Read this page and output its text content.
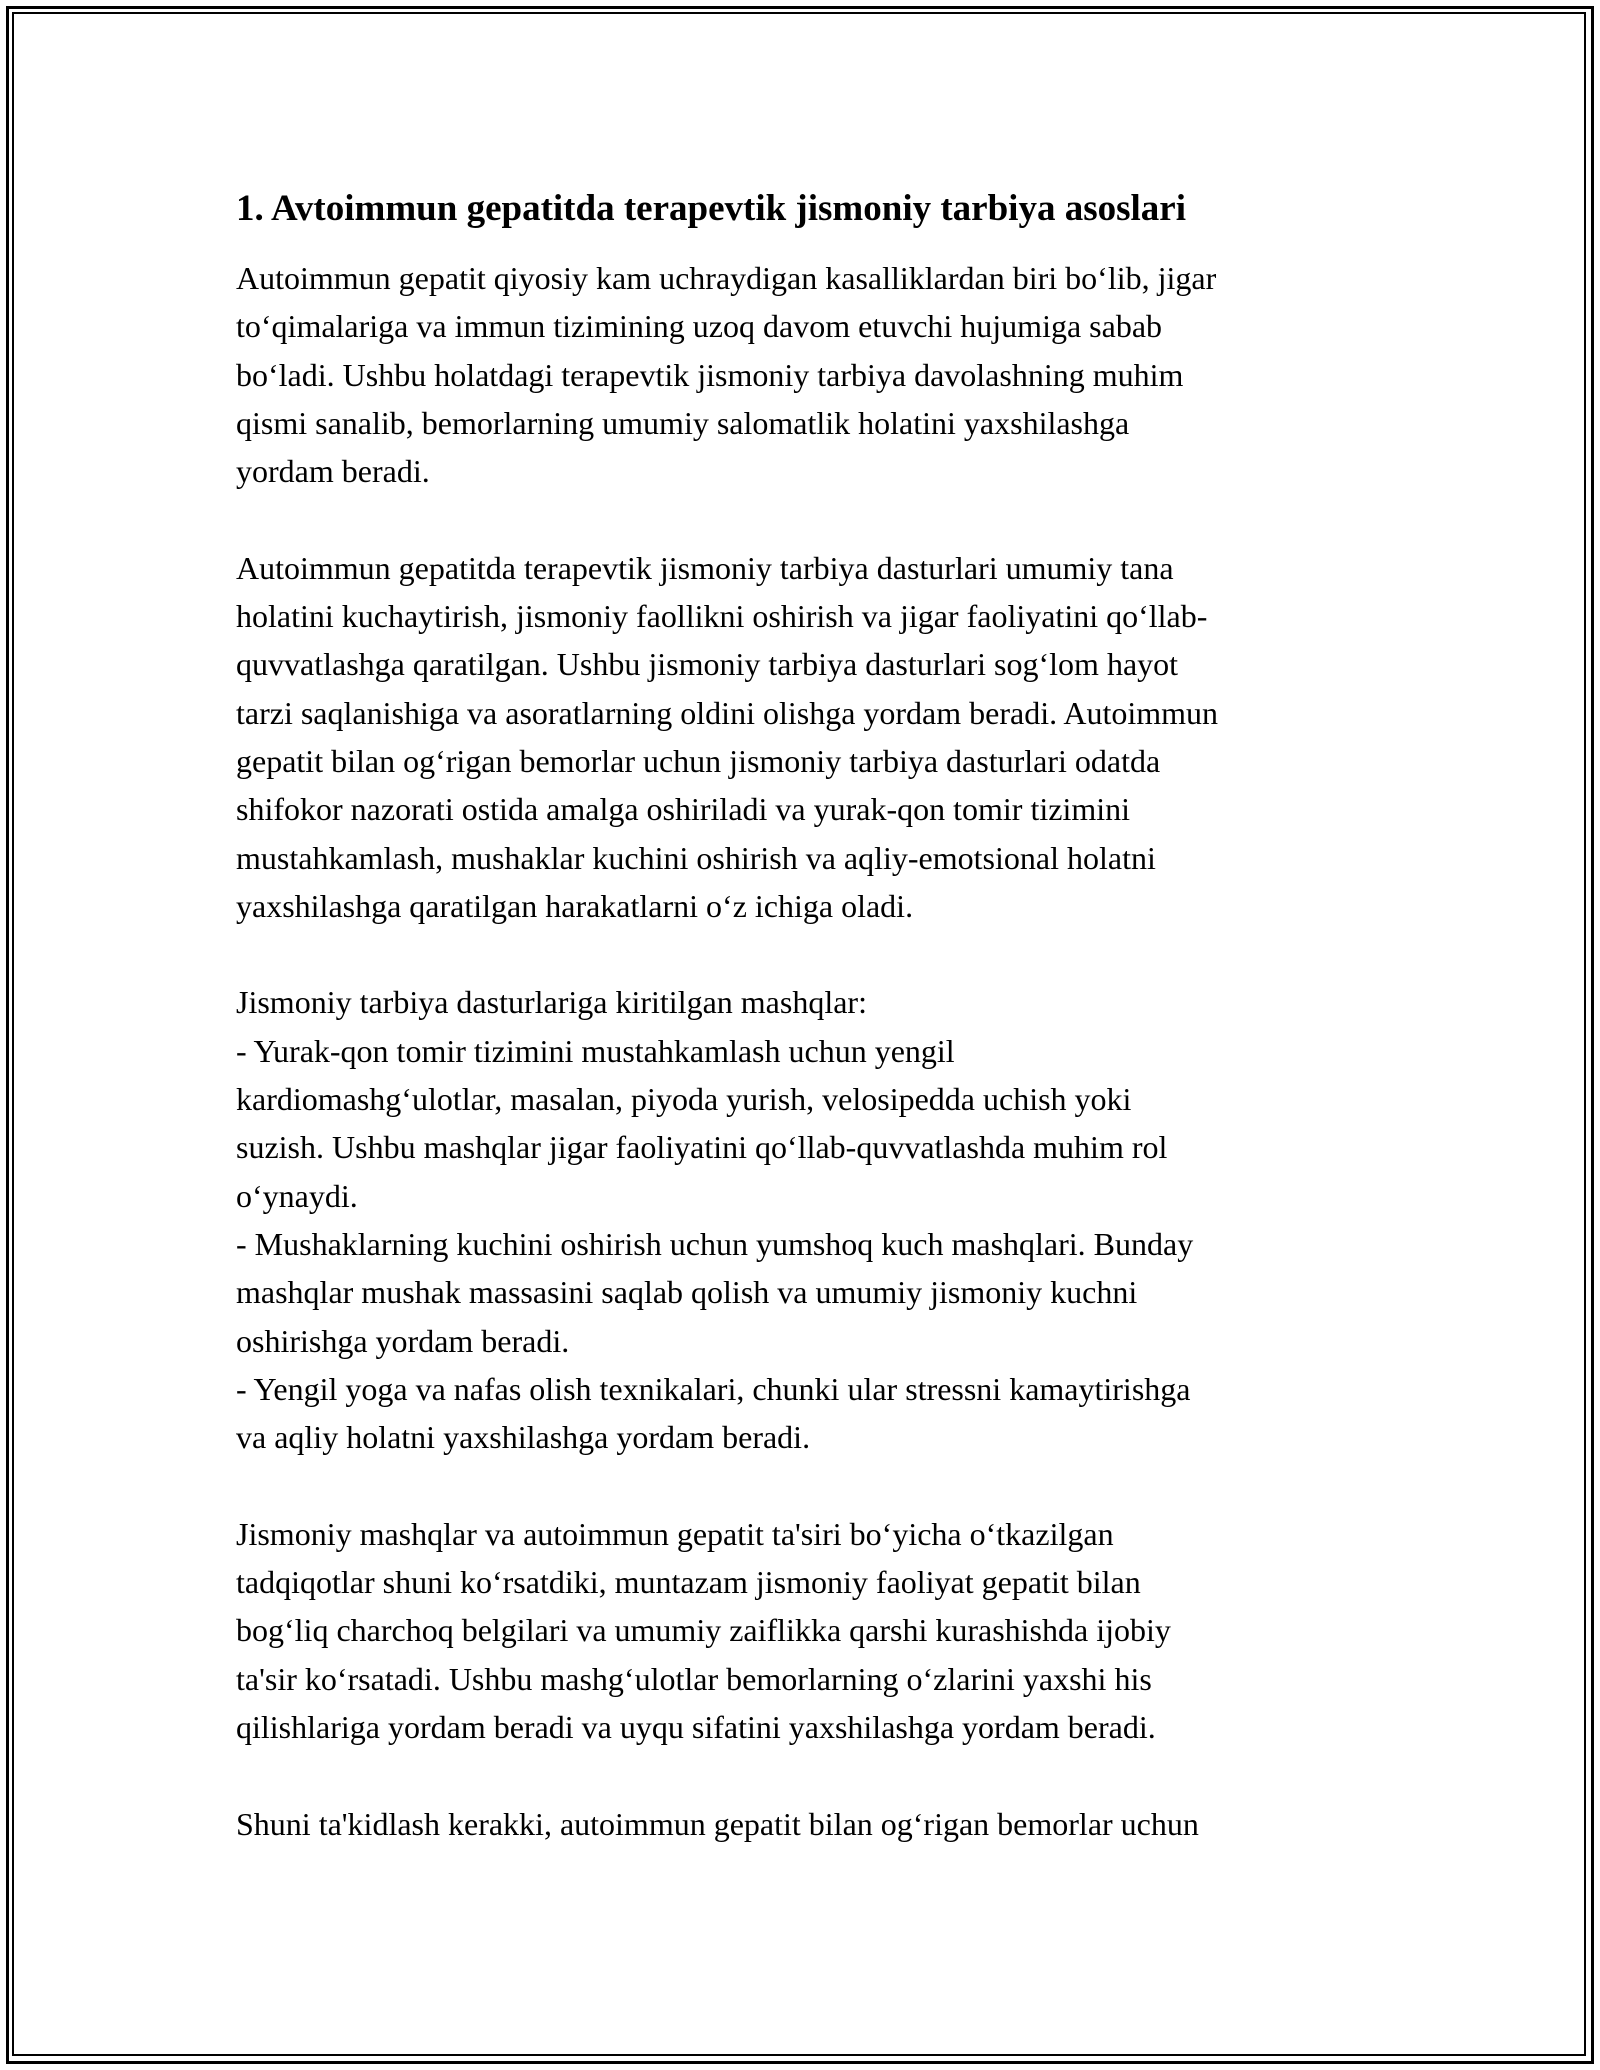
1. Avtoimmun gepatitda terapevtik jismoniy tarbiya asoslari
Autoimmun gepatit qiyosiy kam uchraydigan kasalliklardan biri bo‘lib, jigar
to‘qimalariga va immun tizimining uzoq davom etuvchi hujumiga sabab
bo‘ladi. Ushbu holatdagi terapevtik jismoniy tarbiya davolashning muhim
qismi sanalib, bemorlarning umumiy salomatlik holatini yaxshilashga
yordam beradi.
Autoimmun gepatitda terapevtik jismoniy tarbiya dasturlari umumiy tana
holatini kuchaytirish, jismoniy faollikni oshirish va jigar faoliyatini qo‘llab-
quvvatlashga qaratilgan. Ushbu jismoniy tarbiya dasturlari sog‘lom hayot
tarzi saqlanishiga va asoratlarning oldini olishga yordam beradi. Autoimmun
gepatit bilan og‘rigan bemorlar uchun jismoniy tarbiya dasturlari odatda
shifokor nazorati ostida amalga oshiriladi va yurak-qon tomir tizimini
mustahkamlash, mushaklar kuchini oshirish va aqliy-emotsional holatni
yaxshilashga qaratilgan harakatlarni o‘z ichiga oladi.
Jismoniy tarbiya dasturlariga kiritilgan mashqlar:
- Yurak-qon tomir tizimini mustahkamlash uchun yengil
kardiomashg‘ulotlar, masalan, piyoda yurish, velosipedda uchish yoki
suzish. Ushbu mashqlar jigar faoliyatini qo‘llab-quvvatlashda muhim rol
o‘ynaydi.
- Mushaklarning kuchini oshirish uchun yumshoq kuch mashqlari. Bunday
mashqlar mushak massasini saqlab qolish va umumiy jismoniy kuchni
oshirishga yordam beradi.
- Yengil yoga va nafas olish texnikalari, chunki ular stressni kamaytirishga
va aqliy holatni yaxshilashga yordam beradi.
Jismoniy mashqlar va autoimmun gepatit ta'siri bo‘yicha o‘tkazilgan
tadqiqotlar shuni ko‘rsatdiki, muntazam jismoniy faoliyat gepatit bilan
bog‘liq charchoq belgilari va umumiy zaiflikka qarshi kurashishda ijobiy
ta'sir ko‘rsatadi. Ushbu mashg‘ulotlar bemorlarning o‘zlarini yaxshi his
qilishlariga yordam beradi va uyqu sifatini yaxshilashga yordam beradi.
Shuni ta'kidlash kerakki, autoimmun gepatit bilan og‘rigan bemorlar uchun
